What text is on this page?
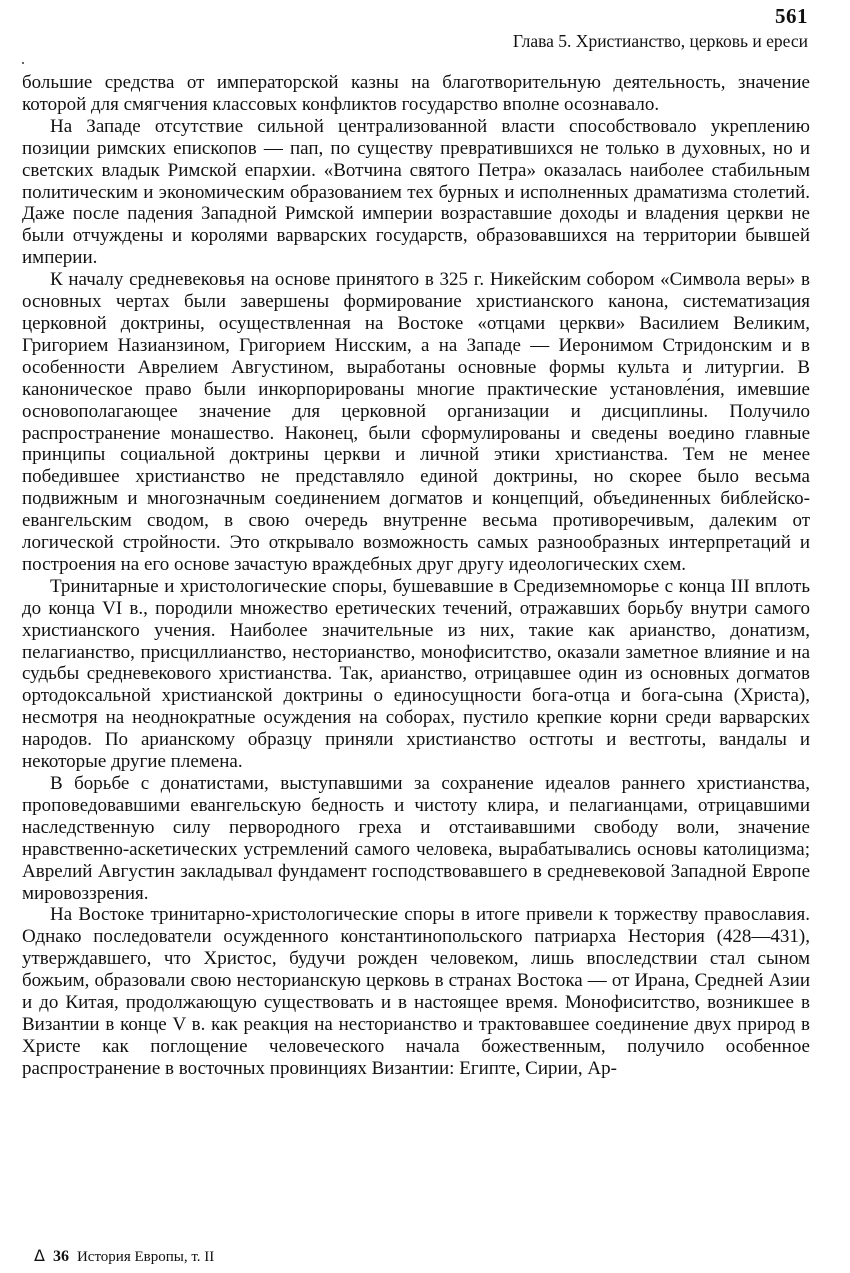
561
Глава 5. Христианство, церковь и ереси

большие средства от императорской казны на благотворительную деятельность, значение которой для смягчения классовых конфликтов государство вполне осознавало.

На Западе отсутствие сильной централизованной власти способствовало укреплению позиции римских епископов — пап, по существу превратившихся не только в духовных, но и светских владык Римской епархии. «Вотчина святого Петра» оказалась наиболее стабильным политическим и экономическим образованием тех бурных и исполненных драматизма столетий. Даже после падения Западной Римской империи возраставшие доходы и владения церкви не были отчуждены и королями варварских государств, образовавшихся на территории бывшей империи.

К началу средневековья на основе принятого в 325 г. Никейским собором «Символа веры» в основных чертах были завершены формирование христианского канона, систематизация церковной доктрины, осуществленная на Востоке «отцами церкви» Василием Великим, Григорием Назианзином, Григорием Нисским, а на Западе — Иеронимом Стридонским и в особенности Аврелием Августином, выработаны основные формы культа и литургии. В каноническое право были инкорпорированы многие практические установле́ния, имевшие основополагающее значение для церковной организации и дисциплины. Получило распространение монашество. Наконец, были сформулированы и сведены воедино главные принципы социальной доктрины церкви и личной этики христианства. Тем не менее победившее христианство не представляло единой доктрины, но скорее было весьма подвижным и многозначным соединением догматов и концепций, объединенных библейско-евангельским сводом, в свою очередь внутренне весьма противоречивым, далеким от логической стройности. Это открывало возможность самых разнообразных интерпретаций и построения на его основе зачастую враждебных друг другу идеологических схем.

Тринитарные и христологические споры, бушевавшие в Средиземноморье с конца III вплоть до конца VI в., породили множество еретических течений, отражавших борьбу внутри самого христианского учения. Наиболее значительные из них, такие как арианство, донатизм, пелагианство, присциллианство, несторианство, монофиситство, оказали заметное влияние и на судьбы средневекового христианства. Так, арианство, отрицавшее один из основных догматов ортодоксальной христианской доктрины о единосущности бога-отца и бога-сына (Христа), несмотря на неоднократные осуждения на соборах, пустило крепкие корни среди варварских народов. По арианскому образцу приняли христианство остготы и вестготы, вандалы и некоторые другие племена.

В борьбе с донатистами, выступавшими за сохранение идеалов раннего христианства, проповедовавшими евангельскую бедность и чистоту клира, и пелагианцами, отрицавшими наследственную силу первородного греха и отстаивавшими свободу воли, значение нравственно-аскетических устремлений самого человека, вырабатывались основы католицизма; Аврелий Августин закладывал фундамент господствовавшего в средневековой Западной Европе мировоззрения.

На Востоке тринитарно-христологические споры в итоге привели к торжеству православия. Однако последователи осужденного константинопольского патриарха Нестория (428—431), утверждавшего, что Христос, будучи рожден человеком, лишь впоследствии стал сыном божьим, образовали свою несторианскую церковь в странах Востока — от Ирана, Средней Азии и до Китая, продолжающую существовать и в настоящее время. Монофиситство, возникшее в Византии в конце V в. как реакция на несторианство и трактовавшее соединение двух природ в Христе как поглощение человеческого начала божественным, получило особенное распространение в восточных провинциях Византии: Египте, Сирии, Ар-

Δ 36 История Европы, т. II
